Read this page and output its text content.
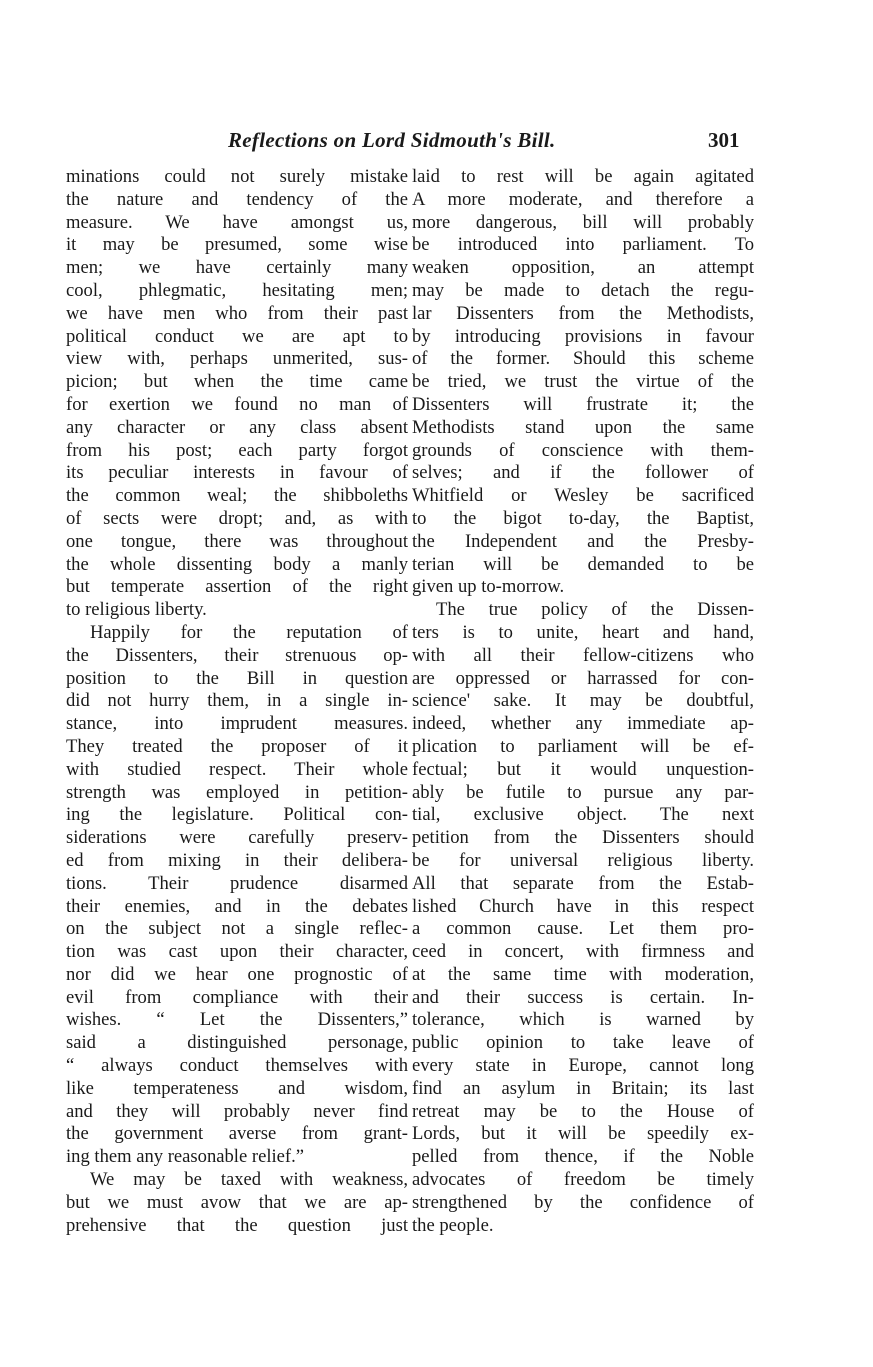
Reflections on Lord Sidmouth's Bill.	301
minations could not surely mistake
the nature and tendency of the
measure. We have amongst us,
it may be presumed, some wise
men; we have certainly many
cool, phlegmatic, hesitating men;
we have men who from their past
political conduct we are apt to
view with, perhaps unmerited, sus-
picion; but when the time came
for exertion we found no man of
any character or any class absent
from his post; each party forgot
its peculiar interests in favour of
the common weal; the shibboleths
of sects were dropt; and, as with
one tongue, there was throughout
the whole dissenting body a manly
but temperate assertion of the right
to religious liberty.
Happily for the reputation of
the Dissenters, their strenuous op-
position to the Bill in question
did not hurry them, in a single in-
stance, into imprudent measures.
They treated the proposer of it
with studied respect. Their whole
strength was employed in petition-
ing the legislature. Political con-
siderations were carefully preserv-
ed from mixing in their delibera-
tions. Their prudence disarmed
their enemies, and in the debates
on the subject not a single reflec-
tion was cast upon their character,
nor did we hear one prognostic of
evil from compliance with their
wishes. “ Let the Dissenters,”
said a distinguished personage,
“ always conduct themselves with
like temperateness and wisdom,
and they will probably never find
the government averse from grant-
ing them any reasonable relief.”
We may be taxed with weakness,
but we must avow that we are ap-
prehensive that the question just
laid to rest will be again agitated
A more moderate, and therefore a
more dangerous, bill will probably
be introduced into parliament. To
weaken opposition, an attempt
may be made to detach the regu-
lar Dissenters from the Methodists,
by introducing provisions in favour
of the former. Should this scheme
be tried, we trust the virtue of the
Dissenters will frustrate it; the
Methodists stand upon the same
grounds of conscience with them-
selves; and if the follower of
Whitfield or Wesley be sacrificed
to the bigot to-day, the Baptist,
the Independent and the Presby-
terian will be demanded to be
given up to-morrow.
The true policy of the Dissen-
ters is to unite, heart and hand,
with all their fellow-citizens who
are oppressed or harrassed for con-
science' sake. It may be doubtful,
indeed, whether any immediate ap-
plication to parliament will be ef-
fectual; but it would unquestion-
ably be futile to pursue any par-
tial, exclusive object. The next
petition from the Dissenters should
be for universal religious liberty.
All that separate from the Estab-
lished Church have in this respect
a common cause. Let them pro-
ceed in concert, with firmness and
at the same time with moderation,
and their success is certain. In-
tolerance, which is warned by
public opinion to take leave of
every state in Europe, cannot long
find an asylum in Britain; its last
retreat may be to the House of
Lords, but it will be speedily ex-
pelled from thence, if the Noble
advocates of freedom be timely
strengthened by the confidence of
the people.
